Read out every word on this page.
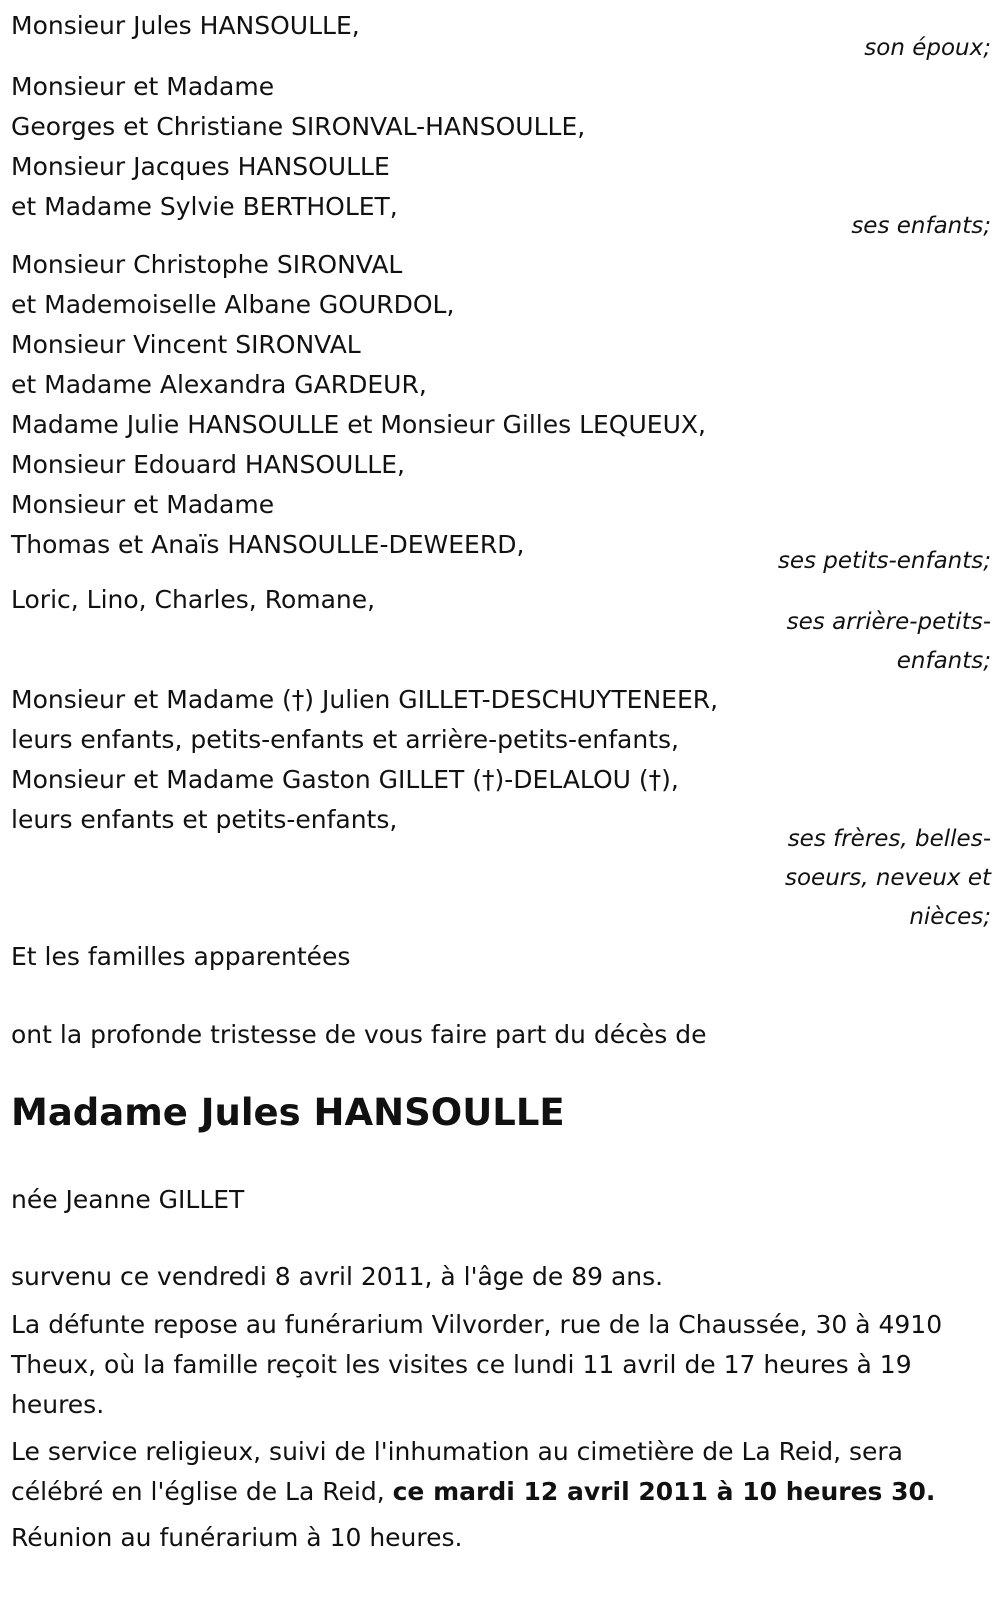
Monsieur Jules HANSOULLE,
son époux;
Monsieur et Madame
Georges et Christiane SIRONVAL-HANSOULLE,
Monsieur Jacques HANSOULLE
et Madame Sylvie BERTHOLET,
ses enfants;
Monsieur Christophe SIRONVAL
et Mademoiselle Albane GOURDOL,
Monsieur Vincent SIRONVAL
et Madame Alexandra GARDEUR,
Madame Julie HANSOULLE et Monsieur Gilles LEQUEUX,
Monsieur Edouard HANSOULLE,
Monsieur et Madame
Thomas et Anaïs HANSOULLE-DEWEERD,
ses petits-enfants;
Loric, Lino, Charles, Romane,
ses arrière-petits-
enfants;
Monsieur et Madame (†) Julien GILLET-DESCHUYTENEER,
leurs enfants, petits-enfants et arrière-petits-enfants,
Monsieur et Madame Gaston GILLET (†)-DELALOU (†),
leurs enfants et petits-enfants,
ses frères, belles-
soeurs, neveux et
nièces;
Et les familles apparentées
ont la profonde tristesse de vous faire part du décès de
Madame Jules HANSOULLE
née Jeanne GILLET
survenu ce vendredi 8 avril 2011, à l'âge de 89 ans.
La défunte repose au funérarium Vilvorder, rue de la Chaussée, 30 à 4910 Theux, où la famille reçoit les visites ce lundi 11 avril de 17 heures à 19 heures.
Le service religieux, suivi de l'inhumation au cimetière de La Reid, sera célébré en l'église de La Reid, ce mardi 12 avril 2011 à 10 heures 30.
Réunion au funérarium à 10 heures.
